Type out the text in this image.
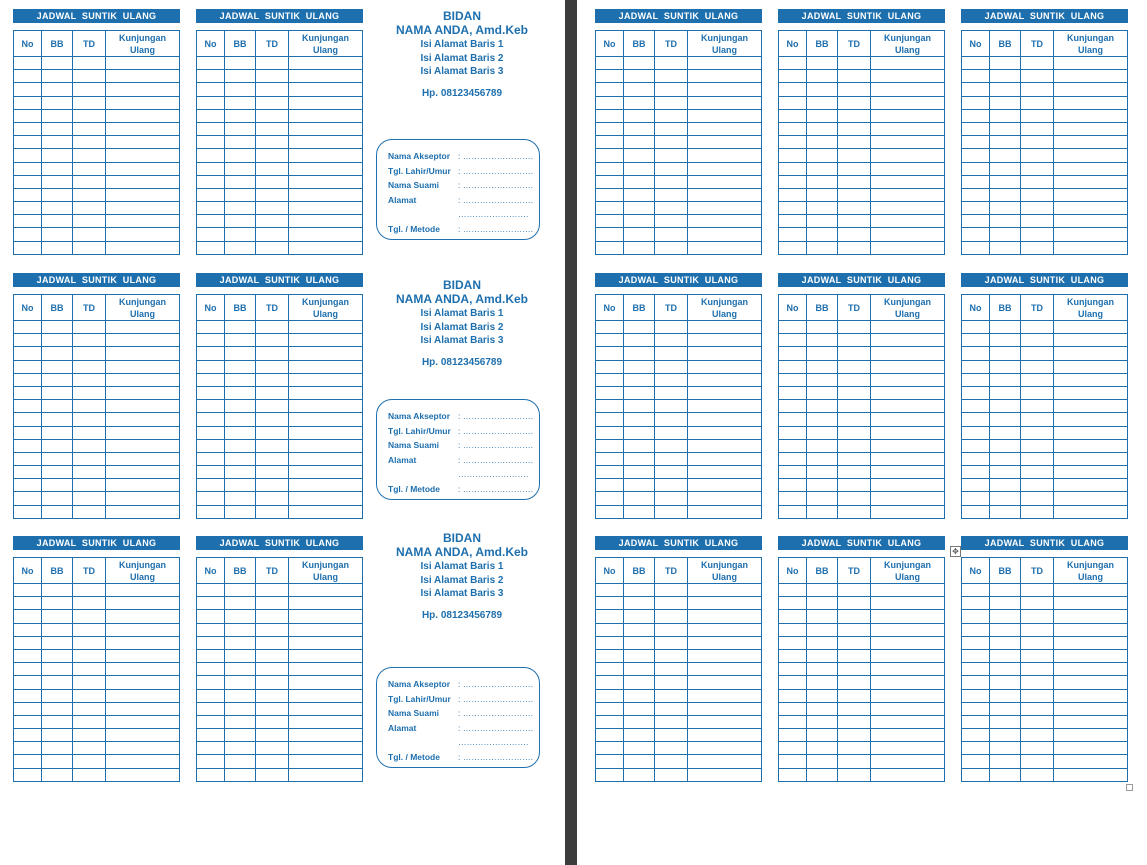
JADWAL  SUNTIK  ULANG
No	BB	TD	Kunjungan Ulang

JADWAL  SUNTIK  ULANG
No	BB	TD	Kunjungan Ulang

JADWAL  SUNTIK  ULANG
No	BB	TD	Kunjungan Ulang

JADWAL  SUNTIK  ULANG
No	BB	TD	Kunjungan Ulang

JADWAL  SUNTIK  ULANG
No	BB	TD	Kunjungan Ulang

JADWAL  SUNTIK  ULANG
No	BB	TD	Kunjungan Ulang

JADWAL  SUNTIK  ULANG
No	BB	TD	Kunjungan Ulang

JADWAL  SUNTIK  ULANG
No	BB	TD	Kunjungan Ulang

JADWAL  SUNTIK  ULANG
No	BB	TD	Kunjungan Ulang

JADWAL  SUNTIK  ULANG
No	BB	TD	Kunjungan Ulang

JADWAL  SUNTIK  ULANG
No	BB	TD	Kunjungan Ulang

JADWAL  SUNTIK  ULANG
No	BB	TD	Kunjungan Ulang

JADWAL  SUNTIK  ULANG
No	BB	TD	Kunjungan Ulang

JADWAL  SUNTIK  ULANG
No	BB	TD	Kunjungan Ulang

JADWAL  SUNTIK  ULANG
No	BB	TD	Kunjungan Ulang

BIDAN
NAMA ANDA, Amd.Keb
Isi Alamat Baris 1
Isi Alamat Baris 2
Isi Alamat Baris 3
Hp. 08123456789
Nama Akseptor : …………………….
Tgl. Lahir/Umur : …………………….
Nama Suami	: …………………….
Alamat	: …………………….
…………………….
Tgl. / Metode	: …………………….
BIDAN
NAMA ANDA, Amd.Keb
Isi Alamat Baris 1
Isi Alamat Baris 2
Isi Alamat Baris 3
Hp. 08123456789
Nama Akseptor : …………………….
Tgl. Lahir/Umur : …………………….
Nama Suami	: …………………….
Alamat	: …………………….
…………………….
Tgl. / Metode	: …………………….
BIDAN
NAMA ANDA, Amd.Keb
Isi Alamat Baris 1
Isi Alamat Baris 2
Isi Alamat Baris 3
Hp. 08123456789
Nama Akseptor : …………………….
Tgl. Lahir/Umur : …………………….
Nama Suami	: …………………….
Alamat	: …………………….
…………………….
Tgl. / Metode	: …………………….
✥
